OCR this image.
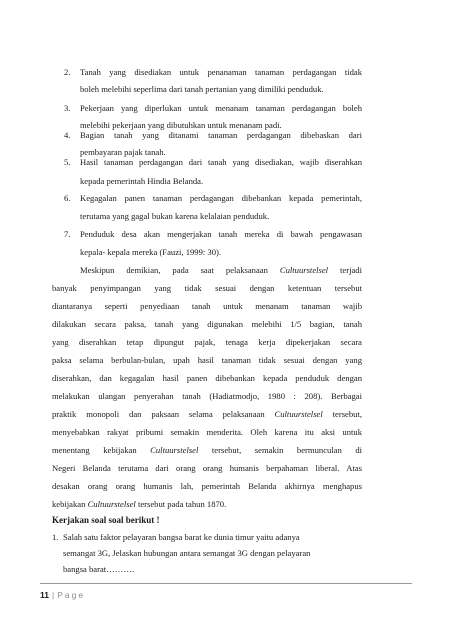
2. Tanah yang disediakan untuk penanaman tanaman perdagangan tidak
boleh melebihi seperlima dari tanah pertanian yang dimiliki penduduk.
3. Pekerjaan yang diperlukan untuk menanam tanaman perdagangan boleh
melebihi pekerjaan yang dibutuhkan untuk menanam padi.
4. Bagian tanah yang ditanami tanaman perdagangan dibebaskan dari
pembayaran pajak tanah.
5. Hasil tanaman perdagangan dari tanah yang disediakan, wajib diserahkan
kepada pemerintah Hindia Belanda.
6. Kegagalan panen tanaman perdagangan dibebankan kepada pemerintah,
terutama yang gagal bukan karena kelalaian penduduk.
7. Penduduk desa akan mengerjakan tanah mereka di bawah pengawasan
kepala- kepala mereka (Fauzi, 1999: 30).
Meskipun demikian, pada saat pelaksanaan Cultuurstelsel terjadi
banyak penyimpangan yang tidak sesuai dengan ketentuan tersebut
diantaranya seperti penyediaan tanah untuk menanam tanaman wajib
dilakukan secara paksa, tanah yang digunakan melebihi 1/5 bagian, tanah
yang diserahkan tetap dipungut pajak, tenaga kerja dipekerjakan secara
paksa selama berbulan-bulan, upah hasil tanaman tidak sesuai dengan yang
diserahkan, dan kegagalan hasil panen dibebankan kepada penduduk dengan
melakukan ulangan penyerahan tanah (Hadiatmodjo, 1980 : 208). Berbagai
praktik monopoli dan paksaan selama pelaksanaan Cultuurstelsel tersebut,
menyebabkan rakyat pribumi semakin menderita. Oleh karena itu aksi untuk
menentang kebijakan Cultuurstelsel tersebut, semakin bermunculan di
Negeri Belanda terutama dari orang orang humanis berpahaman liberal. Atas
desakan orang orang humanis lah, pemerintah Belanda akhirnya menghapus
kebijakan Cultuurstelsel tersebut pada tahun 1870.
Kerjakan soal soal berikut !
1. Salah satu faktor pelayaran bangsa barat ke dunia timur yaitu adanya
semangat 3G, Jelaskan hubungan antara semangat 3G dengan pelayaran
bangsa barat……….
11 | Page
